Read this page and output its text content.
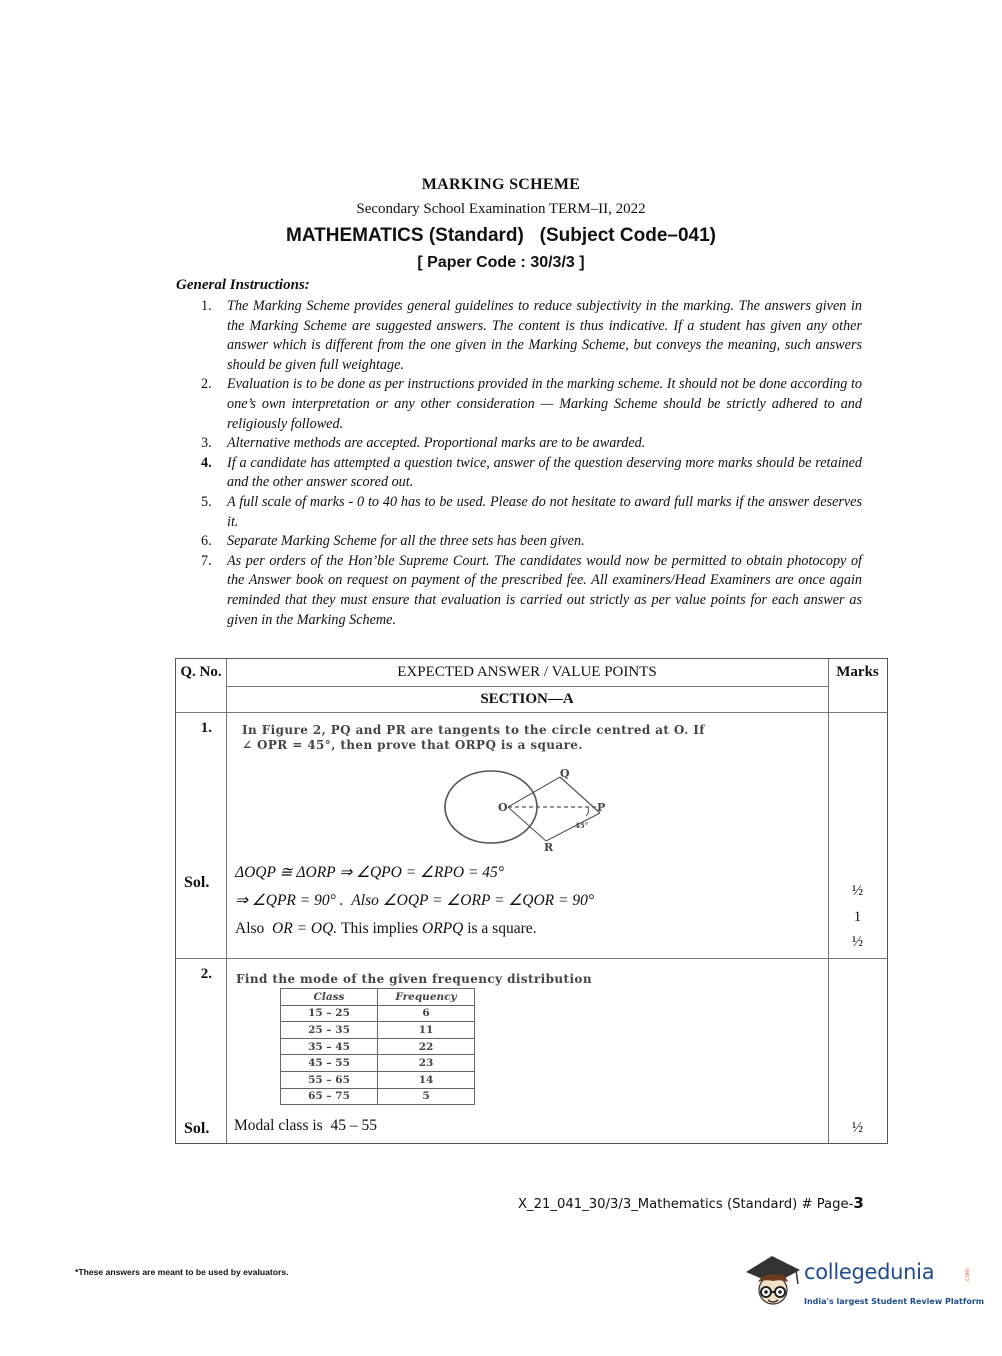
MARKING SCHEME
Secondary School Examination TERM–II, 2022
MATHEMATICS (Standard)   (Subject Code–041)
[ Paper Code : 30/3/3 ]
General Instructions:
1. The Marking Scheme provides general guidelines to reduce subjectivity in the marking. The answers given in the Marking Scheme are suggested answers. The content is thus indicative. If a student has given any other answer which is different from the one given in the Marking Scheme, but conveys the meaning, such answers should be given full weightage.
2. Evaluation is to be done as per instructions provided in the marking scheme. It should not be done according to one’s own interpretation or any other consideration — Marking Scheme should be strictly adhered to and religiously followed.
3. Alternative methods are accepted. Proportional marks are to be awarded.
4. If a candidate has attempted a question twice, answer of the question deserving more marks should be retained and the other answer scored out.
5. A full scale of marks - 0 to 40 has to be used. Please do not hesitate to award full marks if the answer deserves it.
6. Separate Marking Scheme for all the three sets has been given.
7. As per orders of the Hon’ble Supreme Court. The candidates would now be permitted to obtain photocopy of the Answer book on request on payment of the prescribed fee. All examiners/Head Examiners are once again reminded that they must ensure that evaluation is carried out strictly as per value points for each answer as given in the Marking Scheme.
Q. No.	EXPECTED ANSWER / VALUE POINTS	Marks
SECTION—A
1.	In Figure 2, PQ and PR are tangents to the circle centred at O. If
∠ OPR = 45°, then prove that ORPQ is a square.
O
Q
P
R
45°
Sol.
ΔOQP ≅ ΔORP ⇒ ∠QPO = ∠RPO = 45°
⇒ ∠QPR = 90° . Also ∠OQP = ∠ORP = ∠QOR = 90°
Also OR = OQ. This implies ORPQ is a square.
½
1
½
2. Find the mode of the given frequency distribution
Sol. Modal class is 45 – 55	½
Class	Frequency
15 – 25	6
25 – 35	11
35 – 45	22
45 – 55	23
55 – 65	14
65 – 75	5
X_21_041_30/3/3_Mathematics (Standard) # Page-3
*These answers are meant to be used by evaluators.	collegedunia	.com
India's largest Student Review Platform
